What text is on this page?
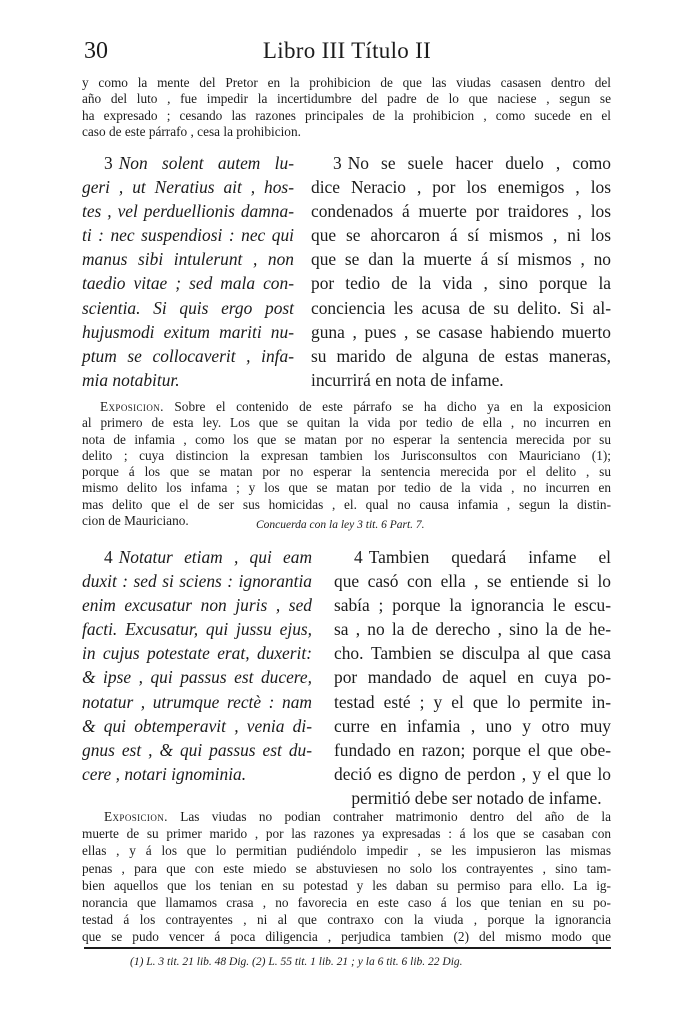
30	Libro III Título II
y como la mente del Pretor en la prohibicion de que las viudas casasen dentro del
año del luto , fue impedir la incertidumbre del padre de lo que naciese , segun se
ha expresado ; cesando las razones principales de la prohibicion , como sucede en el
caso de este párrafo , cesa la prohibicion.
3 Non solent autem lu-
geri , ut Neratius ait , hos-
tes , vel perduellionis damna-
ti : nec suspendiosi : nec qui
manus sibi intulerunt , non
taedio vitae ; sed mala con-
scientia. Si quis ergo post
hujusmodi exitum mariti nu-
ptum se collocaverit , infa-
mia notabitur.
3 No se suele hacer duelo , como
dice Neracio , por los enemigos , los
condenados á muerte por traidores , los
que se ahorcaron á sí mismos , ni los
que se dan la muerte á sí mismos , no
por tedio de la vida , sino porque la
conciencia les acusa de su delito. Si al-
guna , pues , se casase habiendo muerto
su marido de alguna de estas maneras,
incurrirá en nota de infame.
Exposicion. Sobre el contenido de este párrafo se ha dicho ya en la exposicion
al primero de esta ley. Los que se quitan la vida por tedio de ella , no incurren en
nota de infamia , como los que se matan por no esperar la sentencia merecida por su
delito ; cuya distincion la expresan tambien los Jurisconsultos con Mauriciano (1);
porque á los que se matan por no esperar la sentencia merecida por el delito , su
mismo delito los infama ; y los que se matan por tedio de la vida , no incurren en
mas delito que el de ser sus homicidas , el. qual no causa infamia , segun la distin-
cion de Mauriciano.	Concuerda con la ley 3 tit. 6 Part. 7.
4 Notatur etiam , qui eam
duxit : sed si sciens : ignorantia
enim excusatur non juris , sed
facti. Excusatur, qui jussu ejus,
in cujus potestate erat, duxerit:
& ipse , qui passus est ducere,
notatur , utrumque rectè : nam
& qui obtemperavit , venia di-
gnus est , & qui passus est du-
cere , notari ignominia.
4 Tambien quedará infame el
que casó con ella , se entiende si lo
sabía ; porque la ignorancia le escu-
sa , no la de derecho , sino la de he-
cho. Tambien se disculpa al que casa
por mandado de aquel en cuya po-
testad esté ; y el que lo permite in-
curre en infamia , uno y otro muy
fundado en razon; porque el que obe-
deció es digno de perdon , y el que lo
permitió debe ser notado de infame.
Exposicion. Las viudas no podian contraher matrimonio dentro del año de la
muerte de su primer marido , por las razones ya expresadas : á los que se casaban con
ellas , y á los que lo permitian pudiéndolo impedir , se les impusieron las mismas
penas , para que con este miedo se abstuviesen no solo los contrayentes , sino tam-
bien aquellos que los tenian en su potestad y les daban su permiso para ello. La ig-
norancia que llamamos crasa , no favorecia en este caso á los que tenian en su po-
testad á los contrayentes , ni al que contraxo con la viuda , porque la ignorancia
que se pudo vencer á poca diligencia , perjudica tambien (2) del mismo modo que
(1) L. 3 tit. 21 lib. 48 Dig. (2) L. 55 tit. 1 lib. 21 ; y la 6 tit. 6 lib. 22 Dig.
